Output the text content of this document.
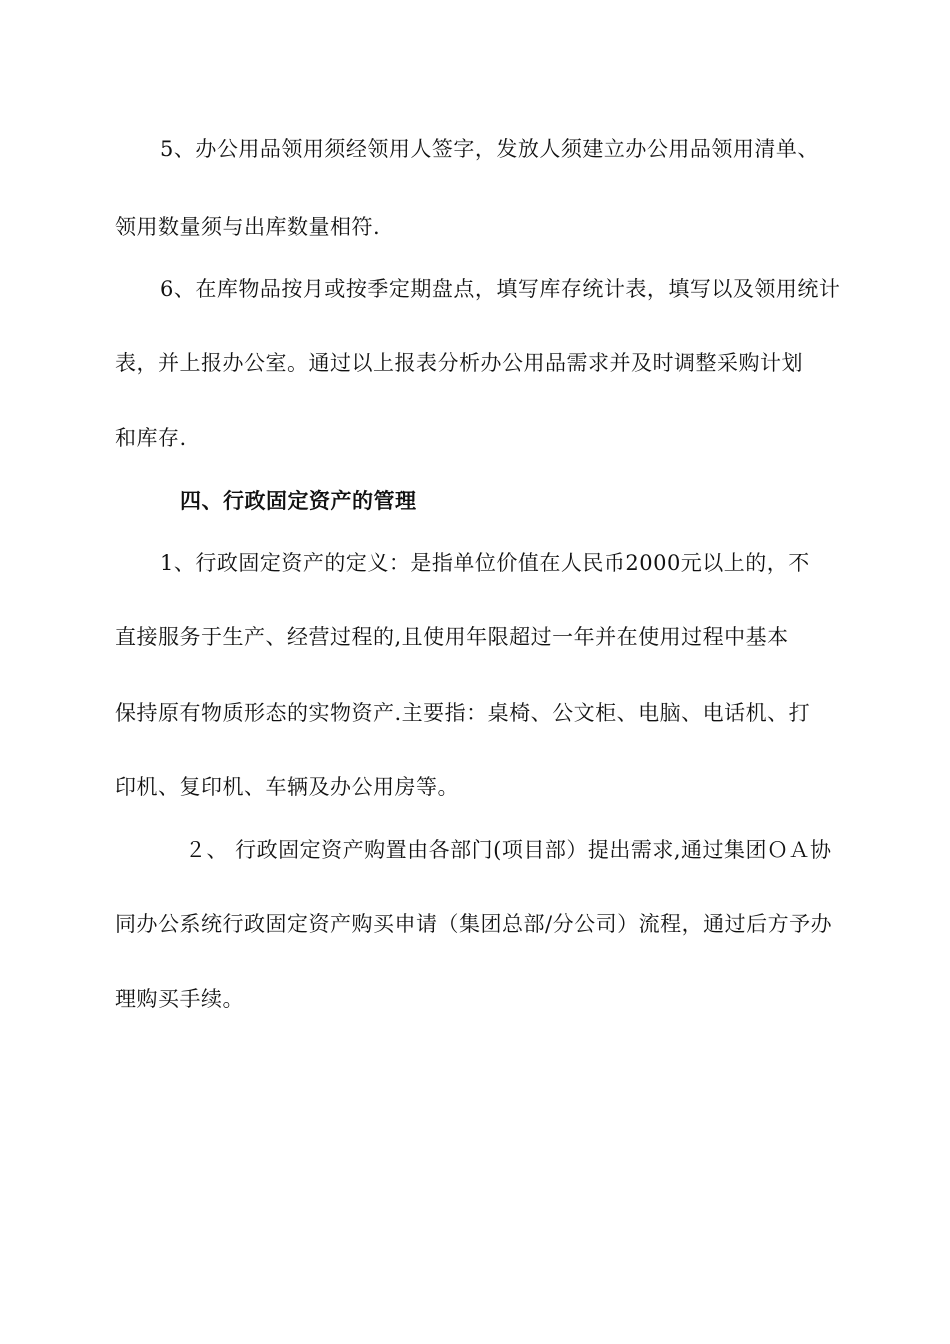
5、办公用品领用须经领用人签字，发放人须建立办公用品领用清单、
领用数量须与出库数量相符.
6、在库物品按月或按季定期盘点，填写库存统计表，填写以及领用统计
表，并上报办公室。通过以上报表分析办公用品需求并及时调整采购计划
和库存.
四、行政固定资产的管理
1、行政固定资产的定义：是指单位价值在人民币2000元以上的，不
直接服务于生产、经营过程的,且使用年限超过一年并在使用过程中基本
保持原有物质形态的实物资产.主要指：桌椅、公文柜、电脑、电话机、打
印机、复印机、车辆及办公用房等。
２、 行政固定资产购置由各部门(项目部）提出需求,通过集团ＯＡ协
同办公系统行政固定资产购买申请（集团总部/分公司）流程，通过后方予办
理购买手续。
